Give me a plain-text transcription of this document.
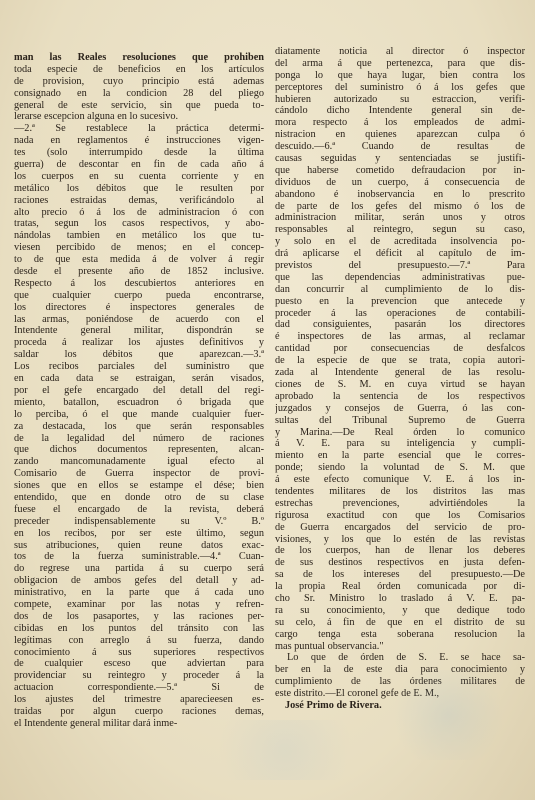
man las Reales resoluciones que prohiben
toda especie de beneficios en los artículos
de provision, cuyo principio está ademas
consignado en la condicion 28 del pliego
general de este servicio, sin que pueda to-
lerarse escepcion alguna en lo sucesivo.
—2.ª Se restablece la práctica determi-
nada en reglamentos é instrucciones vigen-
tes (solo interrumpido desde la última
guerra) de descontar en fin de cada año á
los cuerpos en su cuenta corriente y en
metálico los débitos que le resulten por
raciones estraidas demas, verificándolo al
alto precio ó á los de administracion ó con
tratas, segun los casos respectivos, y abo-
nándolas tambien en metálico los que tu-
viesen percibido de menos; en el concep-
to de que esta medida á de volver á regir
desde el presente año de 1852 inclusive.
Respecto á los descubiertos anteriores en
que cualquier cuerpo pueda encontrarse,
los directores é inspectores generales de
las armas, poniéndose de acuerdo con el
Intendente general militar, dispondrán se
proceda á realizar los ajustes definitivos y
saldar los débitos que aparezcan.—3.ª
Los recibos parciales del suministro que
en cada data se estraigan, serán visados,
por el gefe encargado del detall del regi-
miento, batallon, escuadron ó brigada que
lo perciba, ó el que mande cualquier fuer-
za destacada, los que serán responsables
de la legalidad del número de raciones
que dichos documentos representen, alcan-
zando mancomunadamente igual efecto al
Comisario de Guerra inspector de provi-
siones que en ellos se estampe el dése; bien
entendido, que en donde otro de su clase
fuese el encargado de la revista, deberá
preceder indispensablemente su V.º B.º
en los recibos, por ser este último, segun
sus atribuciones, quien reune datos exac-
tos de la fuerza suministrable.—4.ª Cuan-
do regrese una partida á su cuerpo será
obligacion de ambos gefes del detall y ad-
ministrativo, en la parte que á cada uno
compete, examinar por las notas y refren-
dos de los pasaportes, y las raciones per-
cibidas en los puntos del tránsito con las
legítimas con arreglo á su fuerza, dando
conocimiento á sus superiores respectivos
de cualquier esceso que adviertan para
providenciar su reintegro y proceder á la
actuacion correspondiente.—5.ª Si de
los ajustes del trimestre aparecieesen es-
traidas por algun cuerpo raciones demas,
el Intendente general militar dará inme-
diatamente noticia al director ó inspector
del arma á que pertenezca, para que dis-
ponga lo que haya lugar, bien contra los
perceptores del suministro ó á los gefes que
hubieren autorizado su estraccion, verifi-
cándolo dicho Intendente general sin de-
mora respecto á los empleados de admi-
nistracion en quienes aparezcan culpa ó
descuido.—6.ª Cuando de resultas de
causas seguidas y sentenciadas se justifi-
que haberse cometido defraudacion por in-
dividuos de un cuerpo, á consecuencia de
abandono é inobservancia en lo prescrito
de parte de los gefes del mismo ó los de
administracion militar, serán unos y otros
responsables al reintegro, segun su caso,
y solo en el de acreditada insolvencia po-
drá aplicarse el déficit al capítulo de im-
previstos del presupuesto.—7.ª Para
que las dependencias administrativas pue-
dan concurrir al cumplimiento de lo dis-
puesto en la prevencion que antecede y
proceder á las operaciones de contabili-
dad consiguientes, pasarán los directores
é inspectores de las armas, al reclamar
cantidad por consecuencias de desfalcos
de la especie de que se trata, copia autori-
zada al Intendente general de las resolu-
ciones de S. M. en cuya virtud se hayan
aprobado la sentencia de los respectivos
juzgados y consejos de Guerra, ó las con-
sultas del Tribunal Supremo de Guerra
y Marina.—De Real órden lo comunico
á V. E. para su inteligencia y cumpli-
miento en la parte esencial que le corres-
ponde; siendo la voluntad de S. M. que
á este efecto comunique V. E. á los in-
tendentes militares de los distritos las mas
estrechas prevenciones, advirtiéndoles la
rigurosa exactitud con que los Comisarios
de Guerra encargados del servicio de pro-
visiones, y los que lo estén de las revistas
de los cuerpos, han de llenar los deberes
de sus destinos respectivos en justa defen-
sa de los intereses del presupuesto.—De
la propia Real órden comunicada por di-
cho Sr. Ministro lo traslado á V. E. pa-
ra su conocimiento, y que dedique todo
su celo, á fin de que en el distrito de su
cargo tenga esta soberana resolucion la
mas puntual observancia."
Lo que de órden de S. E. se hace sa-
ber en la de este dia para conocimiento y
cumplimiento de las órdenes militares de
este distrito.—El coronel gefe de E. M.,
José Primo de Rivera.
